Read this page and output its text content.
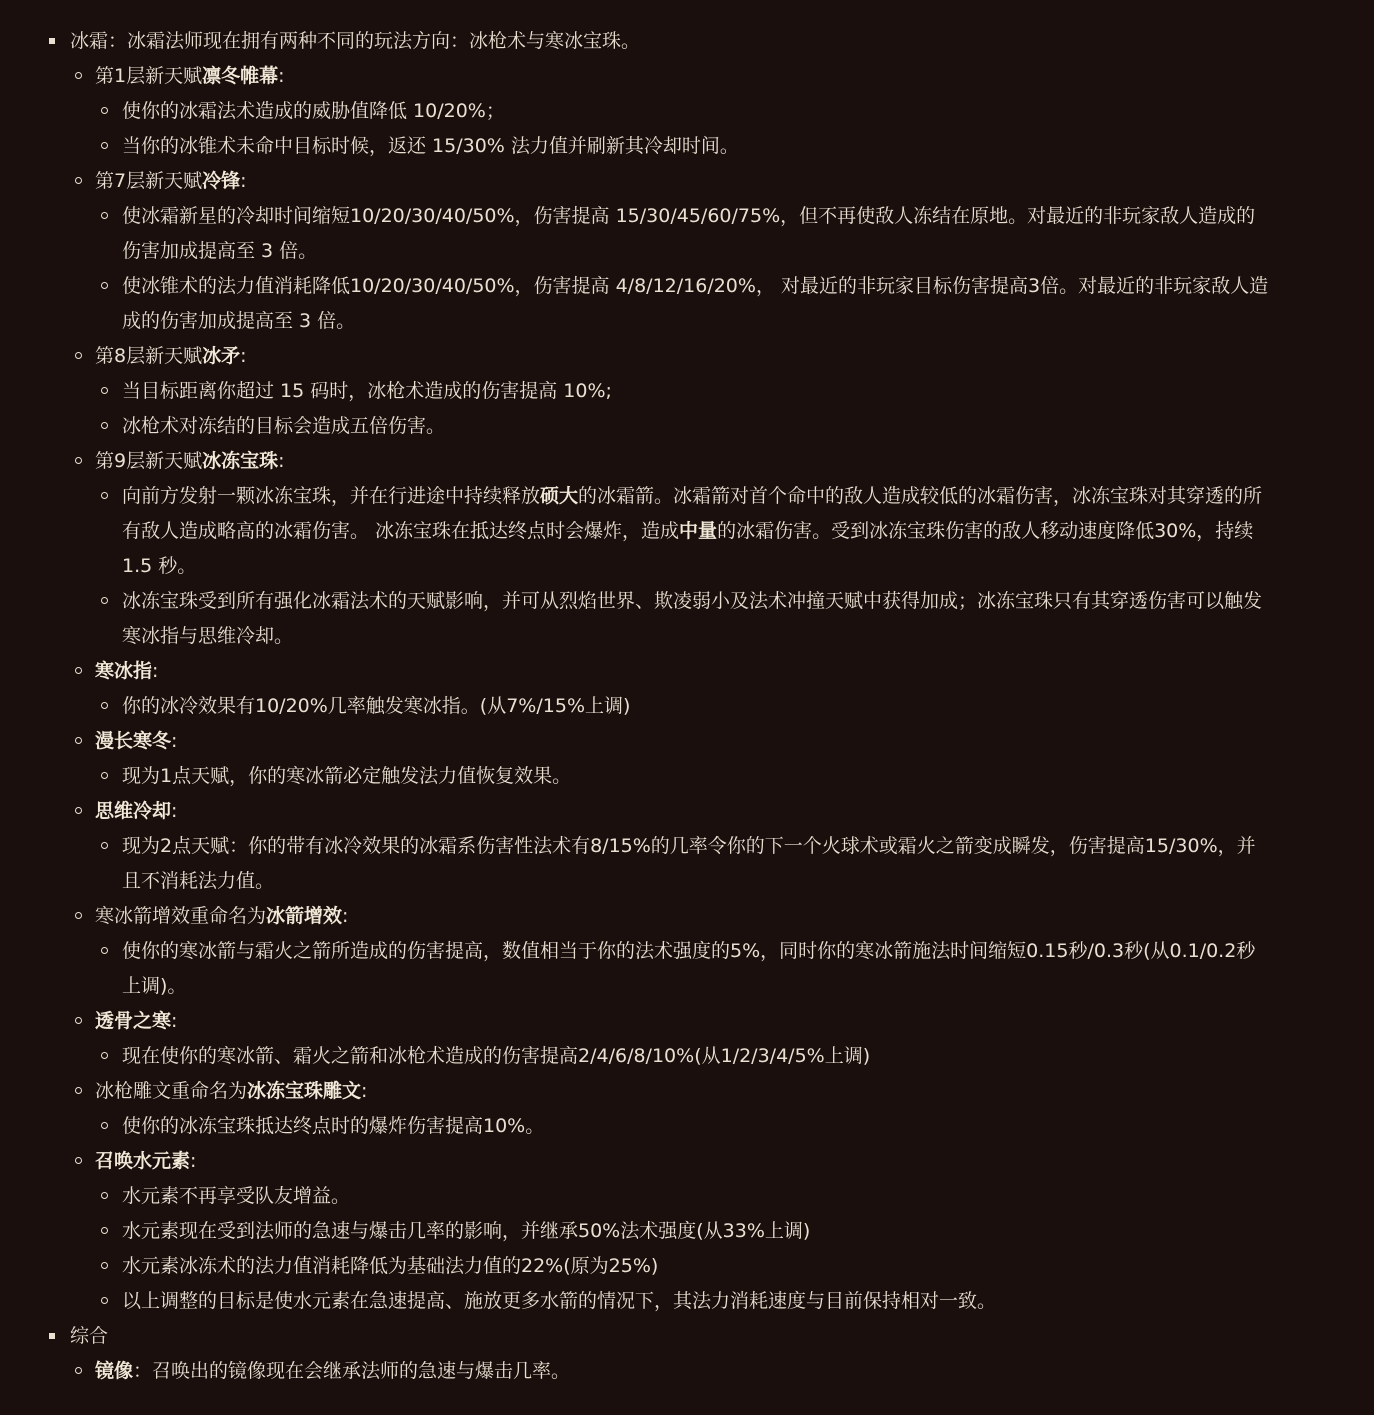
冰霜：冰霜法师现在拥有两种不同的玩法方向：冰枪术与寒冰宝珠。
第1层新天赋凛冬帷幕:
使你的冰霜法术造成的威胁值降低 10/20%；
当你的冰锥术未命中目标时候，返还 15/30% 法力值并刷新其冷却时间。
第7层新天赋冷锋:
使冰霜新星的冷却时间缩短10/20/30/40/50%，伤害提高 15/30/45/60/75%，但不再使敌人冻结在原地。对最近的非玩家敌人造成的伤害加成提高至 3 倍。
使冰锥术的法力值消耗降低10/20/30/40/50%，伤害提高 4/8/12/16/20%， 对最近的非玩家目标伤害提高3倍。对最近的非玩家敌人造成的伤害加成提高至 3 倍。
第8层新天赋冰矛:
当目标距离你超过 15 码时，冰枪术造成的伤害提高 10%;
冰枪术对冻结的目标会造成五倍伤害。
第9层新天赋冰冻宝珠:
向前方发射一颗冰冻宝珠，并在行进途中持续释放硕大的冰霜箭。冰霜箭对首个命中的敌人造成较低的冰霜伤害，冰冻宝珠对其穿透的所有敌人造成略高的冰霜伤害。 冰冻宝珠在抵达终点时会爆炸，造成中量的冰霜伤害。受到冰冻宝珠伤害的敌人移动速度降低30%，持续 1.5 秒。
冰冻宝珠受到所有强化冰霜法术的天赋影响，并可从烈焰世界、欺凌弱小及法术冲撞天赋中获得加成；冰冻宝珠只有其穿透伤害可以触发寒冰指与思维冷却。
寒冰指:
你的冰冷效果有10/20%几率触发寒冰指。(从7%/15%上调)
漫长寒冬:
现为1点天赋，你的寒冰箭必定触发法力值恢复效果。
思维冷却:
现为2点天赋：你的带有冰冷效果的冰霜系伤害性法术有8/15%的几率令你的下一个火球术或霜火之箭变成瞬发，伤害提高15/30%，并且不消耗法力值。
寒冰箭增效重命名为冰箭增效:
使你的寒冰箭与霜火之箭所造成的伤害提高，数值相当于你的法术强度的5%，同时你的寒冰箭施法时间缩短0.15秒/0.3秒(从0.1/0.2秒上调)。
透骨之寒:
现在使你的寒冰箭、霜火之箭和冰枪术造成的伤害提高2/4/6/8/10%(从1/2/3/4/5%上调)
冰枪雕文重命名为冰冻宝珠雕文:
使你的冰冻宝珠抵达终点时的爆炸伤害提高10%。
召唤水元素:
水元素不再享受队友增益。
水元素现在受到法师的急速与爆击几率的影响，并继承50%法术强度(从33%上调)
水元素冰冻术的法力值消耗降低为基础法力值的22%(原为25%)
以上调整的目标是使水元素在急速提高、施放更多水箭的情况下，其法力消耗速度与目前保持相对一致。
综合
镜像：召唤出的镜像现在会继承法师的急速与爆击几率。
